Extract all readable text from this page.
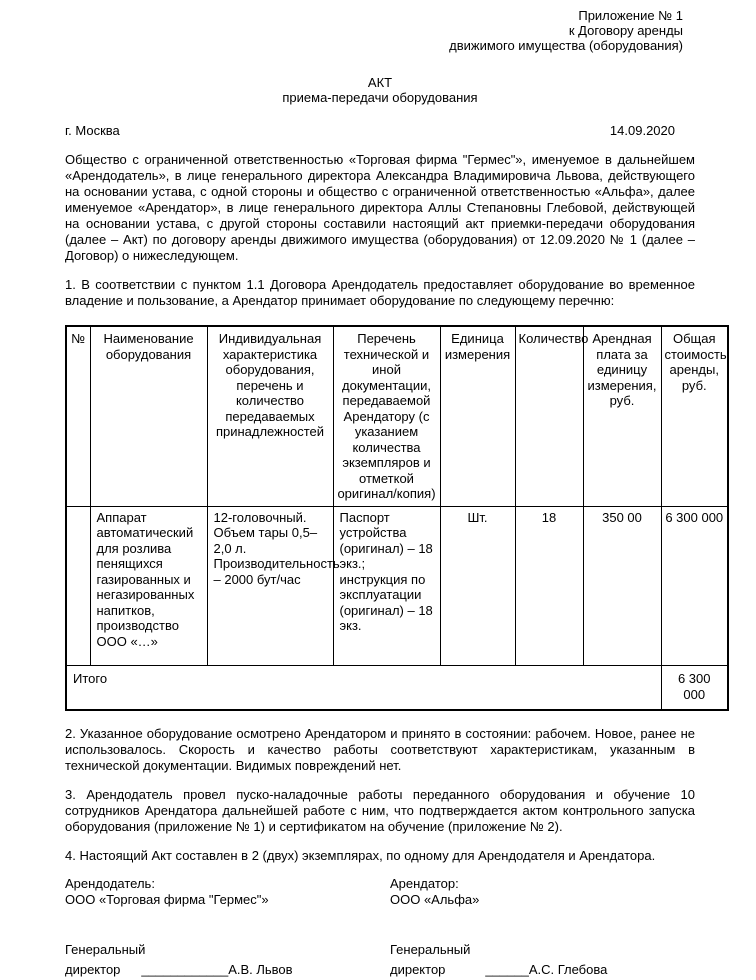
Приложение № 1
к Договору аренды
движимого имущества (оборудования)
АКТ
приема-передачи оборудования
г. Москва	14.09.2020

Общество с ограниченной ответственностью «Торговая фирма "Гермес"», именуемое в дальнейшем «Арендодатель», в лице генерального директора Александра Владимировича Львова, действующего на основании устава, с одной стороны и общество с ограниченной ответственностью «Альфа», далее именуемое «Арендатор», в лице генерального директора Аллы Степановны Глебовой, действующей на основании устава, с другой стороны составили настоящий акт приемки-передачи оборудования (далее – Акт) по договору аренды движимого имущества (оборудования) от 12.09.2020 № 1 (далее – Договор) о нижеследующем.

1. В соответствии с пунктом 1.1 Договора Арендодатель предоставляет оборудование во временное владение и пользование, а Арендатор принимает оборудование по следующему перечню:

№	Наименование оборудования	Индивидуальная характеристика оборудования, перечень и количество передаваемых принадлежностей	Перечень технической и иной документации, передаваемой Арендатору (с указанием количества экземпляров и отметкой оригинал/копия)	Единица измерения	Количество	Арендная плата за единицу измерения, руб.	Общая стоимость аренды, руб.
	Аппарат автоматический для розлива пенящихся газированных и негазированных напитков, производство ООО «…»	12-головочный. Объем тары 0,5–2,0 л. Производительность – 2000 бут/час	Паспорт устройства (оригинал) – 18 экз.; инструкция по эксплуатации (оригинал) – 18 экз.	Шт.	18	350 00	6 300 000
Итого							6 300 000

2. Указанное оборудование осмотрено Арендатором и принято в состоянии: рабочем. Новое, ранее не использовалось. Скорость и качество работы соответствуют характеристикам, указанным в технической документации. Видимых повреждений нет.

3. Арендодатель провел пуско-наладочные работы переданного оборудования и обучение 10 сотрудников Арендатора дальнейшей работе с ним, что подтверждается актом контрольного запуска оборудования (приложение № 1) и сертификатом на обучение (приложение № 2).

4. Настоящий Акт составлен в 2 (двух) экземплярах, по одному для Арендодателя и Арендатора.

Арендодатель:
ООО «Торговая фирма "Гермес"»
Арендатор:
ООО «Альфа»
Генеральный
директор ____________А.В. Львов
Генеральный
директор	______А.С. Глебова
